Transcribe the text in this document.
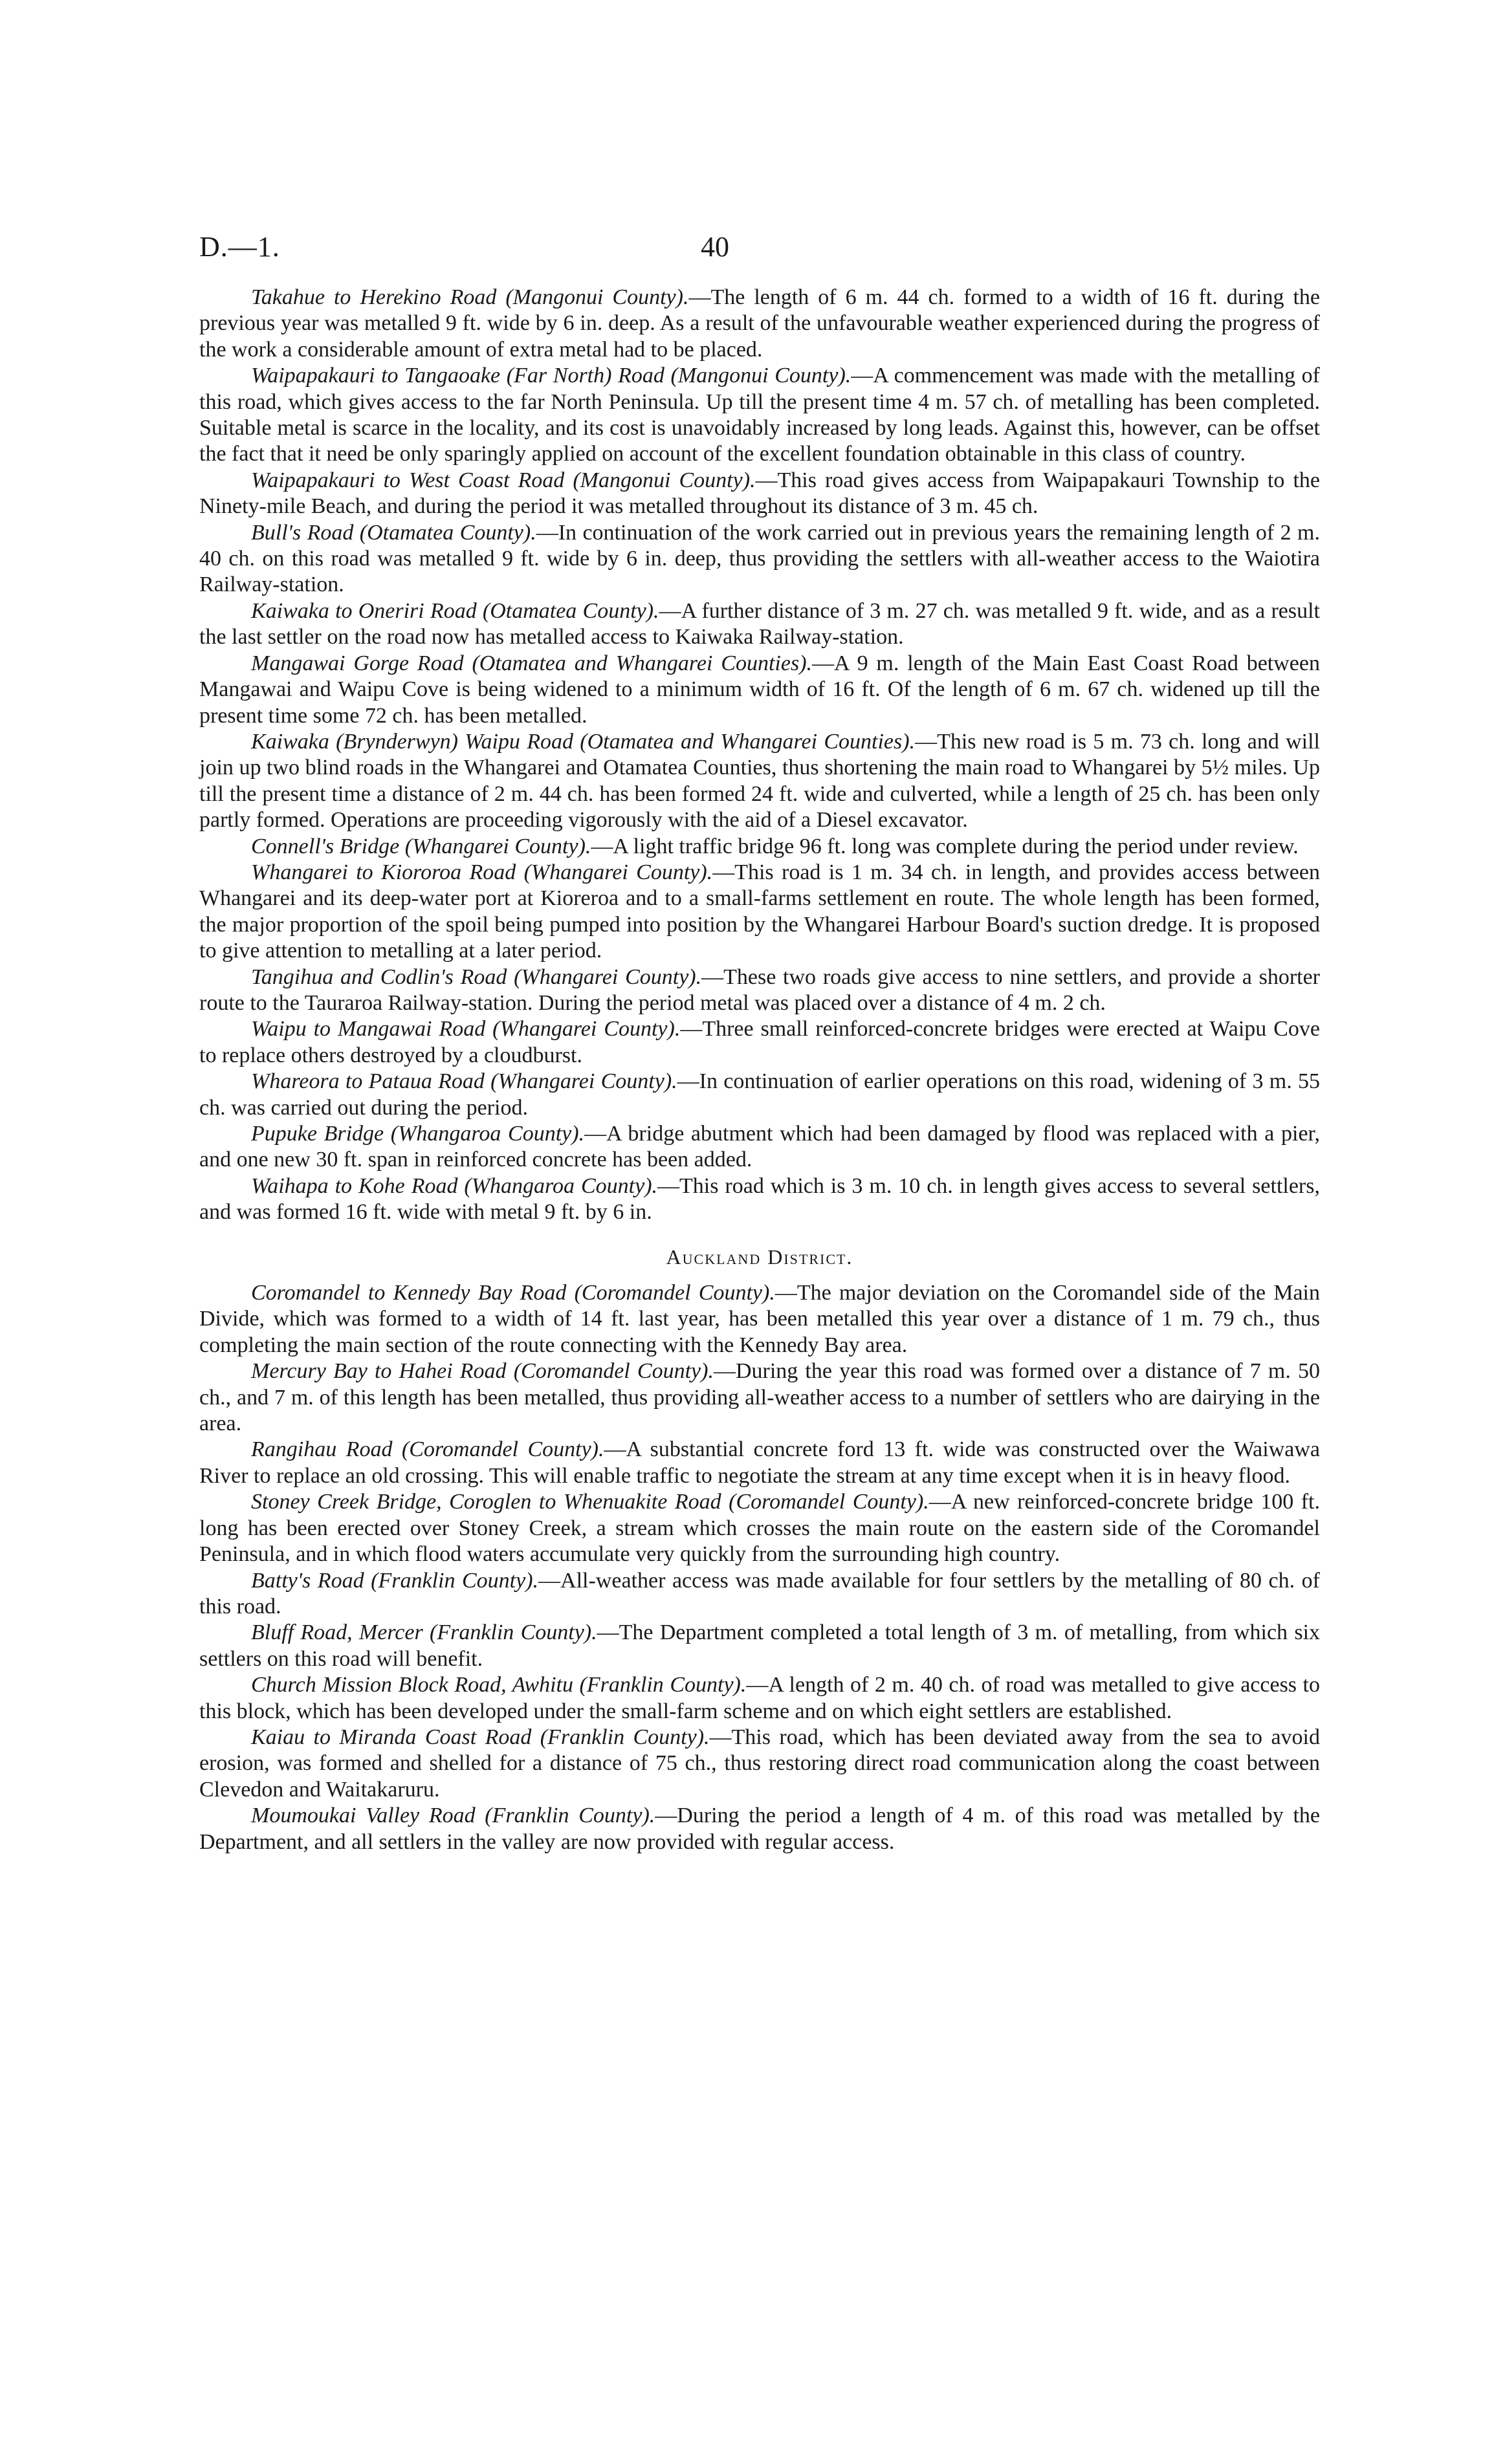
D.—1.	40

Takahue to Herekino Road (Mangonui County).—The length of 6 m. 44 ch. formed to a width of 16 ft. during the previous year was metalled 9 ft. wide by 6 in. deep. As a result of the unfavourable weather experienced during the progress of the work a considerable amount of extra metal had to be placed.

Waipapakauri to Tangaoake (Far North) Road (Mangonui County).—A commencement was made with the metalling of this road, which gives access to the far North Peninsula. Up till the present time 4 m. 57 ch. of metalling has been completed. Suitable metal is scarce in the locality, and its cost is unavoidably increased by long leads. Against this, however, can be offset the fact that it need be only sparingly applied on account of the excellent foundation obtainable in this class of country.

Waipapakauri to West Coast Road (Mangonui County).—This road gives access from Waipapakauri Township to the Ninety-mile Beach, and during the period it was metalled throughout its distance of 3 m. 45 ch.

Bull's Road (Otamatea County).—In continuation of the work carried out in previous years the remaining length of 2 m. 40 ch. on this road was metalled 9 ft. wide by 6 in. deep, thus providing the settlers with all-weather access to the Waiotira Railway-station.

Kaiwaka to Oneriri Road (Otamatea County).—A further distance of 3 m. 27 ch. was metalled 9 ft. wide, and as a result the last settler on the road now has metalled access to Kaiwaka Railway-station.

Mangawai Gorge Road (Otamatea and Whangarei Counties).—A 9 m. length of the Main East Coast Road between Mangawai and Waipu Cove is being widened to a minimum width of 16 ft. Of the length of 6 m. 67 ch. widened up till the present time some 72 ch. has been metalled.

Kaiwaka (Brynderwyn) Waipu Road (Otamatea and Whangarei Counties).—This new road is 5 m. 73 ch. long and will join up two blind roads in the Whangarei and Otamatea Counties, thus shortening the main road to Whangarei by 5½ miles. Up till the present time a distance of 2 m. 44 ch. has been formed 24 ft. wide and culverted, while a length of 25 ch. has been only partly formed. Operations are proceeding vigorously with the aid of a Diesel excavator.

Connell's Bridge (Whangarei County).—A light traffic bridge 96 ft. long was complete during the period under review.

Whangarei to Kiororoa Road (Whangarei County).—This road is 1 m. 34 ch. in length, and provides access between Whangarei and its deep-water port at Kioreroa and to a small-farms settlement en route. The whole length has been formed, the major proportion of the spoil being pumped into position by the Whangarei Harbour Board's suction dredge. It is proposed to give attention to metalling at a later period.

Tangihua and Codlin's Road (Whangarei County).—These two roads give access to nine settlers, and provide a shorter route to the Tauraroa Railway-station. During the period metal was placed over a distance of 4 m. 2 ch.

Waipu to Mangawai Road (Whangarei County).—Three small reinforced-concrete bridges were erected at Waipu Cove to replace others destroyed by a cloudburst.

Whareora to Pataua Road (Whangarei County).—In continuation of earlier operations on this road, widening of 3 m. 55 ch. was carried out during the period.

Pupuke Bridge (Whangaroa County).—A bridge abutment which had been damaged by flood was replaced with a pier, and one new 30 ft. span in reinforced concrete has been added.

Waihapa to Kohe Road (Whangaroa County).—This road which is 3 m. 10 ch. in length gives access to several settlers, and was formed 16 ft. wide with metal 9 ft. by 6 in.

Auckland District.

Coromandel to Kennedy Bay Road (Coromandel County).—The major deviation on the Coromandel side of the Main Divide, which was formed to a width of 14 ft. last year, has been metalled this year over a distance of 1 m. 79 ch., thus completing the main section of the route connecting with the Kennedy Bay area.

Mercury Bay to Hahei Road (Coromandel County).—During the year this road was formed over a distance of 7 m. 50 ch., and 7 m. of this length has been metalled, thus providing all-weather access to a number of settlers who are dairying in the area.

Rangihau Road (Coromandel County).—A substantial concrete ford 13 ft. wide was constructed over the Waiwawa River to replace an old crossing. This will enable traffic to negotiate the stream at any time except when it is in heavy flood.

Stoney Creek Bridge, Coroglen to Whenuakite Road (Coromandel County).—A new reinforced-concrete bridge 100 ft. long has been erected over Stoney Creek, a stream which crosses the main route on the eastern side of the Coromandel Peninsula, and in which flood waters accumulate very quickly from the surrounding high country.

Batty's Road (Franklin County).—All-weather access was made available for four settlers by the metalling of 80 ch. of this road.

Bluff Road, Mercer (Franklin County).—The Department completed a total length of 3 m. of metalling, from which six settlers on this road will benefit.

Church Mission Block Road, Awhitu (Franklin County).—A length of 2 m. 40 ch. of road was metalled to give access to this block, which has been developed under the small-farm scheme and on which eight settlers are established.

Kaiau to Miranda Coast Road (Franklin County).—This road, which has been deviated away from the sea to avoid erosion, was formed and shelled for a distance of 75 ch., thus restoring direct road communication along the coast between Clevedon and Waitakaruru.

Moumoukai Valley Road (Franklin County).—During the period a length of 4 m. of this road was metalled by the Department, and all settlers in the valley are now provided with regular access.
